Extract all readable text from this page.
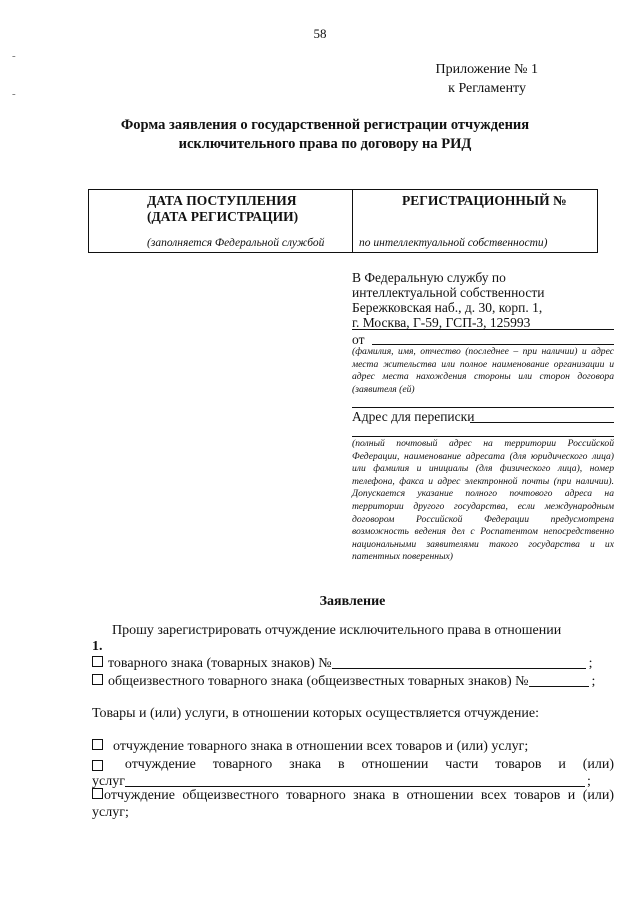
58
-
-
Приложение № 1
к Регламенту
Форма заявления о государственной регистрации отчуждения
исключительного права по договору на РИД
ДАТА ПОСТУПЛЕНИЯ
(ДАТА РЕГИСТРАЦИИ)
РЕГИСТРАЦИОННЫЙ №
(заполняется Федеральной службой	по интеллектуальной собственности)
В Федеральную службу по
интеллектуальной собственности
Бережковская наб., д. 30, корп. 1,
г. Москва, Г-59, ГСП-3, 125993
от
(фамилия, имя, отчество (последнее – при наличии) и адрес места жительства или полное наименование организации и адрес места нахождения стороны или сторон договора (заявителя (ей)
Адрес для переписки
(полный почтовый адрес на территории Российской Федерации, наименование адресата (для юридического лица) или фамилия и инициалы (для физического лица), номер телефона, факса и адрес электронной почты (при наличии). Допускается указание полного почтового адреса на территории другого государства, если международным договором Российской Федерации предусмотрена возможность ведения дел с Роспатентом непосредственно национальными заявителями такого государства и их патентных поверенных)
Заявление
Прошу зарегистрировать отчуждение исключительного права в отношении
1.
товарного знака (товарных знаков) №	;
общеизвестного товарного знака (общеизвестных товарных знаков) №	;
Товары и (или) услуги, в отношении которых осуществляется отчуждение:
отчуждение товарного знака в отношении всех товаров и (или) услуг;
отчуждение товарного знака в отношении части товаров и (или)
услуг	;
отчуждение общеизвестного товарного знака в отношении всех товаров и (или)
услуг;
